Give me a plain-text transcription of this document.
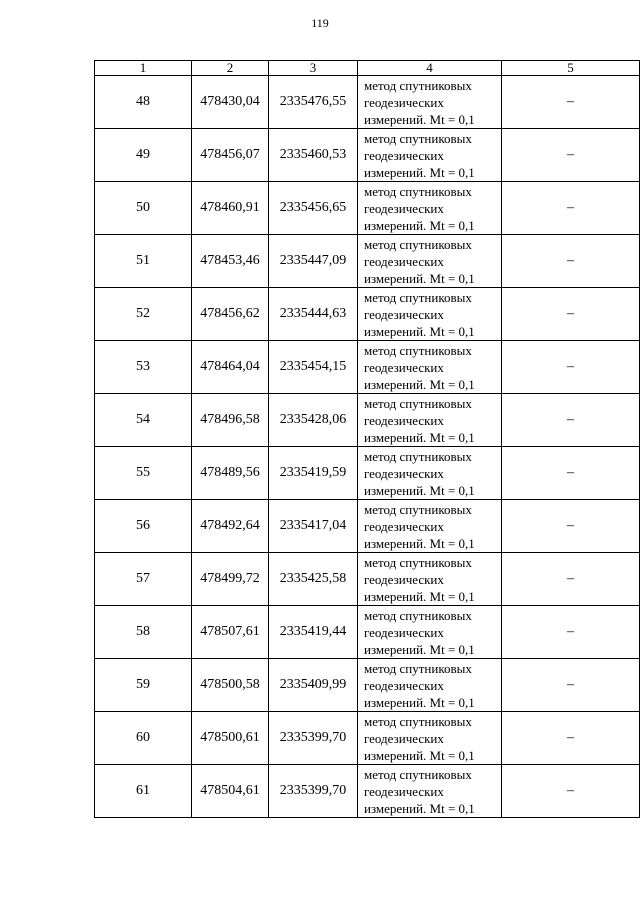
119
1	2	3	4	5
48	478430,04	2335476,55	метод спутниковых геодезических измерений. Mt = 0,1	–
49	478456,07	2335460,53	метод спутниковых геодезических измерений. Mt = 0,1	–
50	478460,91	2335456,65	метод спутниковых геодезических измерений. Mt = 0,1	–
51	478453,46	2335447,09	метод спутниковых геодезических измерений. Mt = 0,1	–
52	478456,62	2335444,63	метод спутниковых геодезических измерений. Mt = 0,1	–
53	478464,04	2335454,15	метод спутниковых геодезических измерений. Mt = 0,1	–
54	478496,58	2335428,06	метод спутниковых геодезических измерений. Mt = 0,1	–
55	478489,56	2335419,59	метод спутниковых геодезических измерений. Mt = 0,1	–
56	478492,64	2335417,04	метод спутниковых геодезических измерений. Mt = 0,1	–
57	478499,72	2335425,58	метод спутниковых геодезических измерений. Mt = 0,1	–
58	478507,61	2335419,44	метод спутниковых геодезических измерений. Mt = 0,1	–
59	478500,58	2335409,99	метод спутниковых геодезических измерений. Mt = 0,1	–
60	478500,61	2335399,70	метод спутниковых геодезических измерений. Mt = 0,1	–
61	478504,61	2335399,70	метод спутниковых геодезических измерений. Mt = 0,1	–
